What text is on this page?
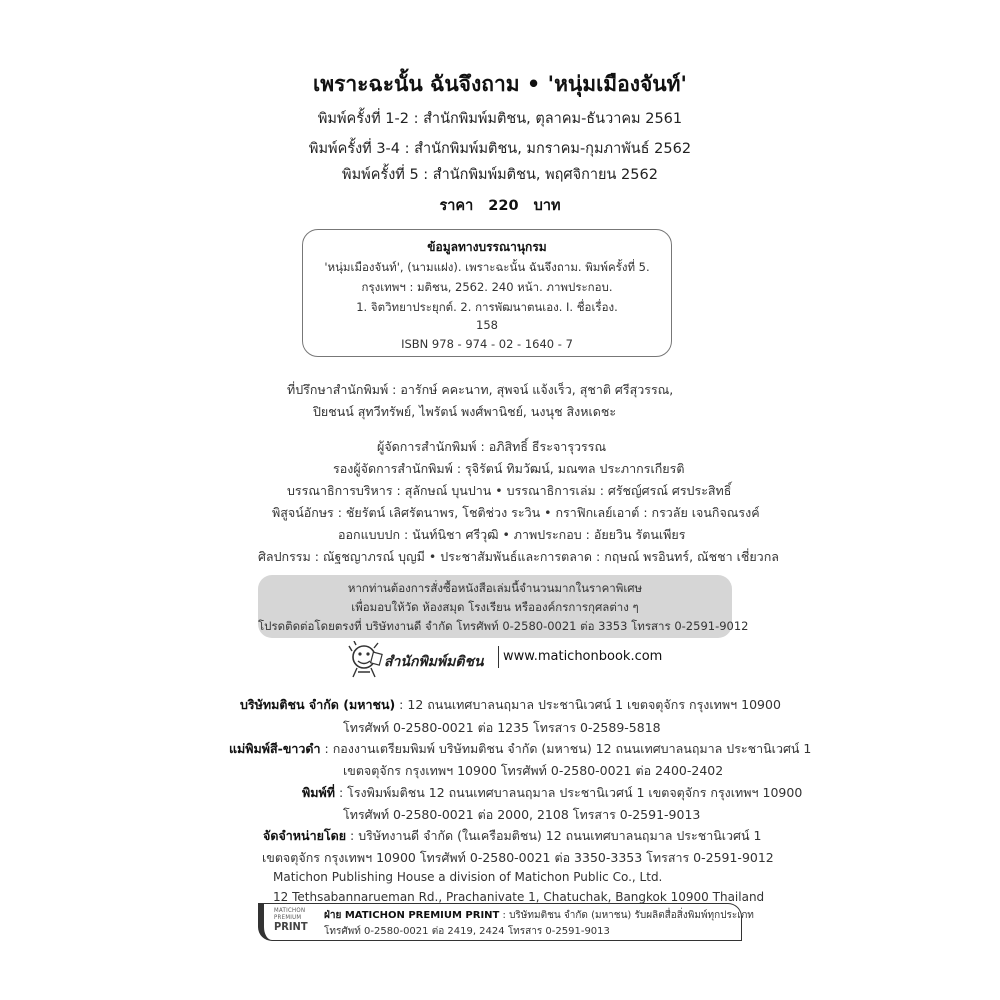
เพราะฉะนั้น ฉันจึงถาม • 'หนุ่มเมืองจันท์'
พิมพ์ครั้งที่ 1-2 : สำนักพิมพ์มติชน, ตุลาคม-ธันวาคม 2561
พิมพ์ครั้งที่ 3-4 : สำนักพิมพ์มติชน, มกราคม-กุมภาพันธ์ 2562
พิมพ์ครั้งที่ 5 : สำนักพิมพ์มติชน, พฤศจิกายน 2562
ราคา 220 บาท
ข้อมูลทางบรรณานุกรม
'หนุ่มเมืองจันท์', (นามแฝง). เพราะฉะนั้น ฉันจึงถาม. พิมพ์ครั้งที่ 5.
กรุงเทพฯ : มติชน, 2562. 240 หน้า. ภาพประกอบ.
1. จิตวิทยาประยุกต์. 2. การพัฒนาตนเอง. I. ชื่อเรื่อง.
158
ISBN 978 - 974 - 02 - 1640 - 7
ที่ปรึกษาสำนักพิมพ์ : อารักษ์ คคะนาท, สุพจน์ แจ้งเร็ว, สุชาติ ศรีสุวรรณ,
ปิยชนน์ สุทวีทรัพย์, ไพรัตน์ พงศ์พานิชย์, นงนุช สิงหเดชะ
ผู้จัดการสำนักพิมพ์ : อภิสิทธิ์ ธีระจารุวรรณ
รองผู้จัดการสำนักพิมพ์ : รุจิรัตน์ ทิมวัฒน์, มณฑล ประภากรเกียรติ
บรรณาธิการบริหาร : สุลักษณ์ บุนปาน • บรรณาธิการเล่ม : ศรัชญ์ศรณ์ ศรประสิทธิ์
พิสูจน์อักษร : ชัยรัตน์ เลิศรัตนาพร, โชติช่วง ระวิน • กราฟิกเลย์เอาต์ : กรวลัย เจนกิจณรงค์
ออกแบบปก : นันท์นิชา ศรีวุฒิ • ภาพประกอบ : อัยยวิน รัตนเพียร
ศิลปกรรม : ณัฐชญาภรณ์ บุญมี • ประชาสัมพันธ์และการตลาด : กฤษณ์ พรอินทร์, ณัชชา เชี่ยวกล
หากท่านต้องการสั่งซื้อหนังสือเล่มนี้จำนวนมากในราคาพิเศษ
เพื่อมอบให้วัด ห้องสมุด โรงเรียน หรือองค์กรการกุศลต่าง ๆ
โปรดติดต่อโดยตรงที่ บริษัทงานดี จำกัด โทรศัพท์ 0-2580-0021 ต่อ 3353 โทรสาร 0-2591-9012
สำนักพิมพ์มติชน	www.matichonbook.com
บริษัทมติชน จำกัด (มหาชน) : 12 ถนนเทศบาลนฤมาล ประชานิเวศน์ 1 เขตจตุจักร กรุงเทพฯ 10900
โทรศัพท์ 0-2580-0021 ต่อ 1235 โทรสาร 0-2589-5818
แม่พิมพ์สี-ขาวดำ : กองงานเตรียมพิมพ์ บริษัทมติชน จำกัด (มหาชน) 12 ถนนเทศบาลนฤมาล ประชานิเวศน์ 1
เขตจตุจักร กรุงเทพฯ 10900 โทรศัพท์ 0-2580-0021 ต่อ 2400-2402
พิมพ์ที่ : โรงพิมพ์มติชน 12 ถนนเทศบาลนฤมาล ประชานิเวศน์ 1 เขตจตุจักร กรุงเทพฯ 10900
โทรศัพท์ 0-2580-0021 ต่อ 2000, 2108 โทรสาร 0-2591-9013
จัดจำหน่ายโดย : บริษัทงานดี จำกัด (ในเครือมติชน) 12 ถนนเทศบาลนฤมาล ประชานิเวศน์ 1
เขตจตุจักร กรุงเทพฯ 10900 โทรศัพท์ 0-2580-0021 ต่อ 3350-3353 โทรสาร 0-2591-9012
Matichon Publishing House a division of Matichon Public Co., Ltd.
12 Tethsabannarueman Rd., Prachanivate 1, Chatuchak, Bangkok 10900 Thailand
MATICHON
PREMIUM
PRINT
ฝ่าย MATICHON PREMIUM PRINT : บริษัทมติชน จำกัด (มหาชน) รับผลิตสื่อสิ่งพิมพ์ทุกประเภท
โทรศัพท์ 0-2580-0021 ต่อ 2419, 2424 โทรสาร 0-2591-9013
